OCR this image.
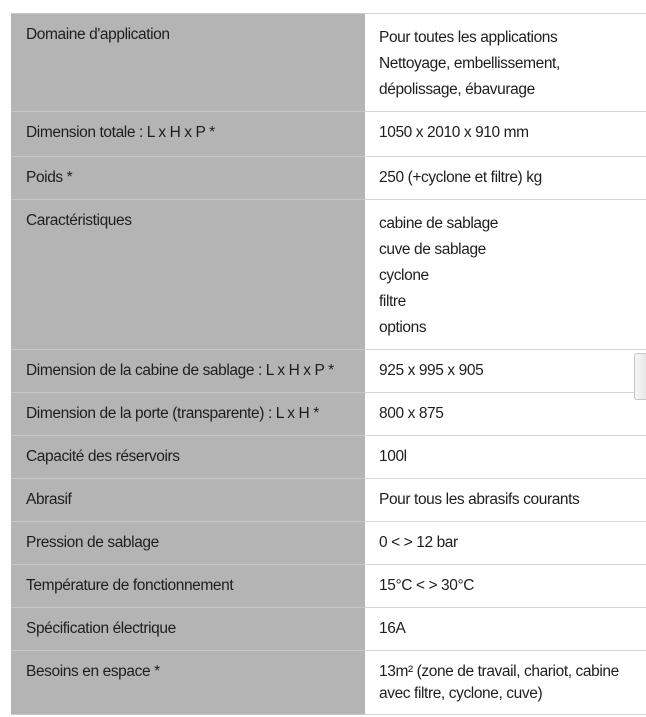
Domaine d'application	Pour toutes les applications
Nettoyage, embellissement,
dépolissage, ébavurage

Dimension totale : L x H x P *	1050 x 2010 x 910 mm

Poids *	250 (+cyclone et filtre) kg

Caractéristiques	cabine de sablage
cuve de sablage
cyclone
filtre
options

Dimension de la cabine de sablage : L x H x P *	925 x 995 x 905

Dimension de la porte (transparente) : L x H *	800 x 875

Capacité des réservoirs	100l

Abrasif	Pour tous les abrasifs courants

Pression de sablage	0 < > 12 bar

Température de fonctionnement	15°C < > 30°C

Spécification électrique	16A

Besoins en espace *	13m² (zone de travail, chariot, cabine
avec filtre, cyclone, cuve)
